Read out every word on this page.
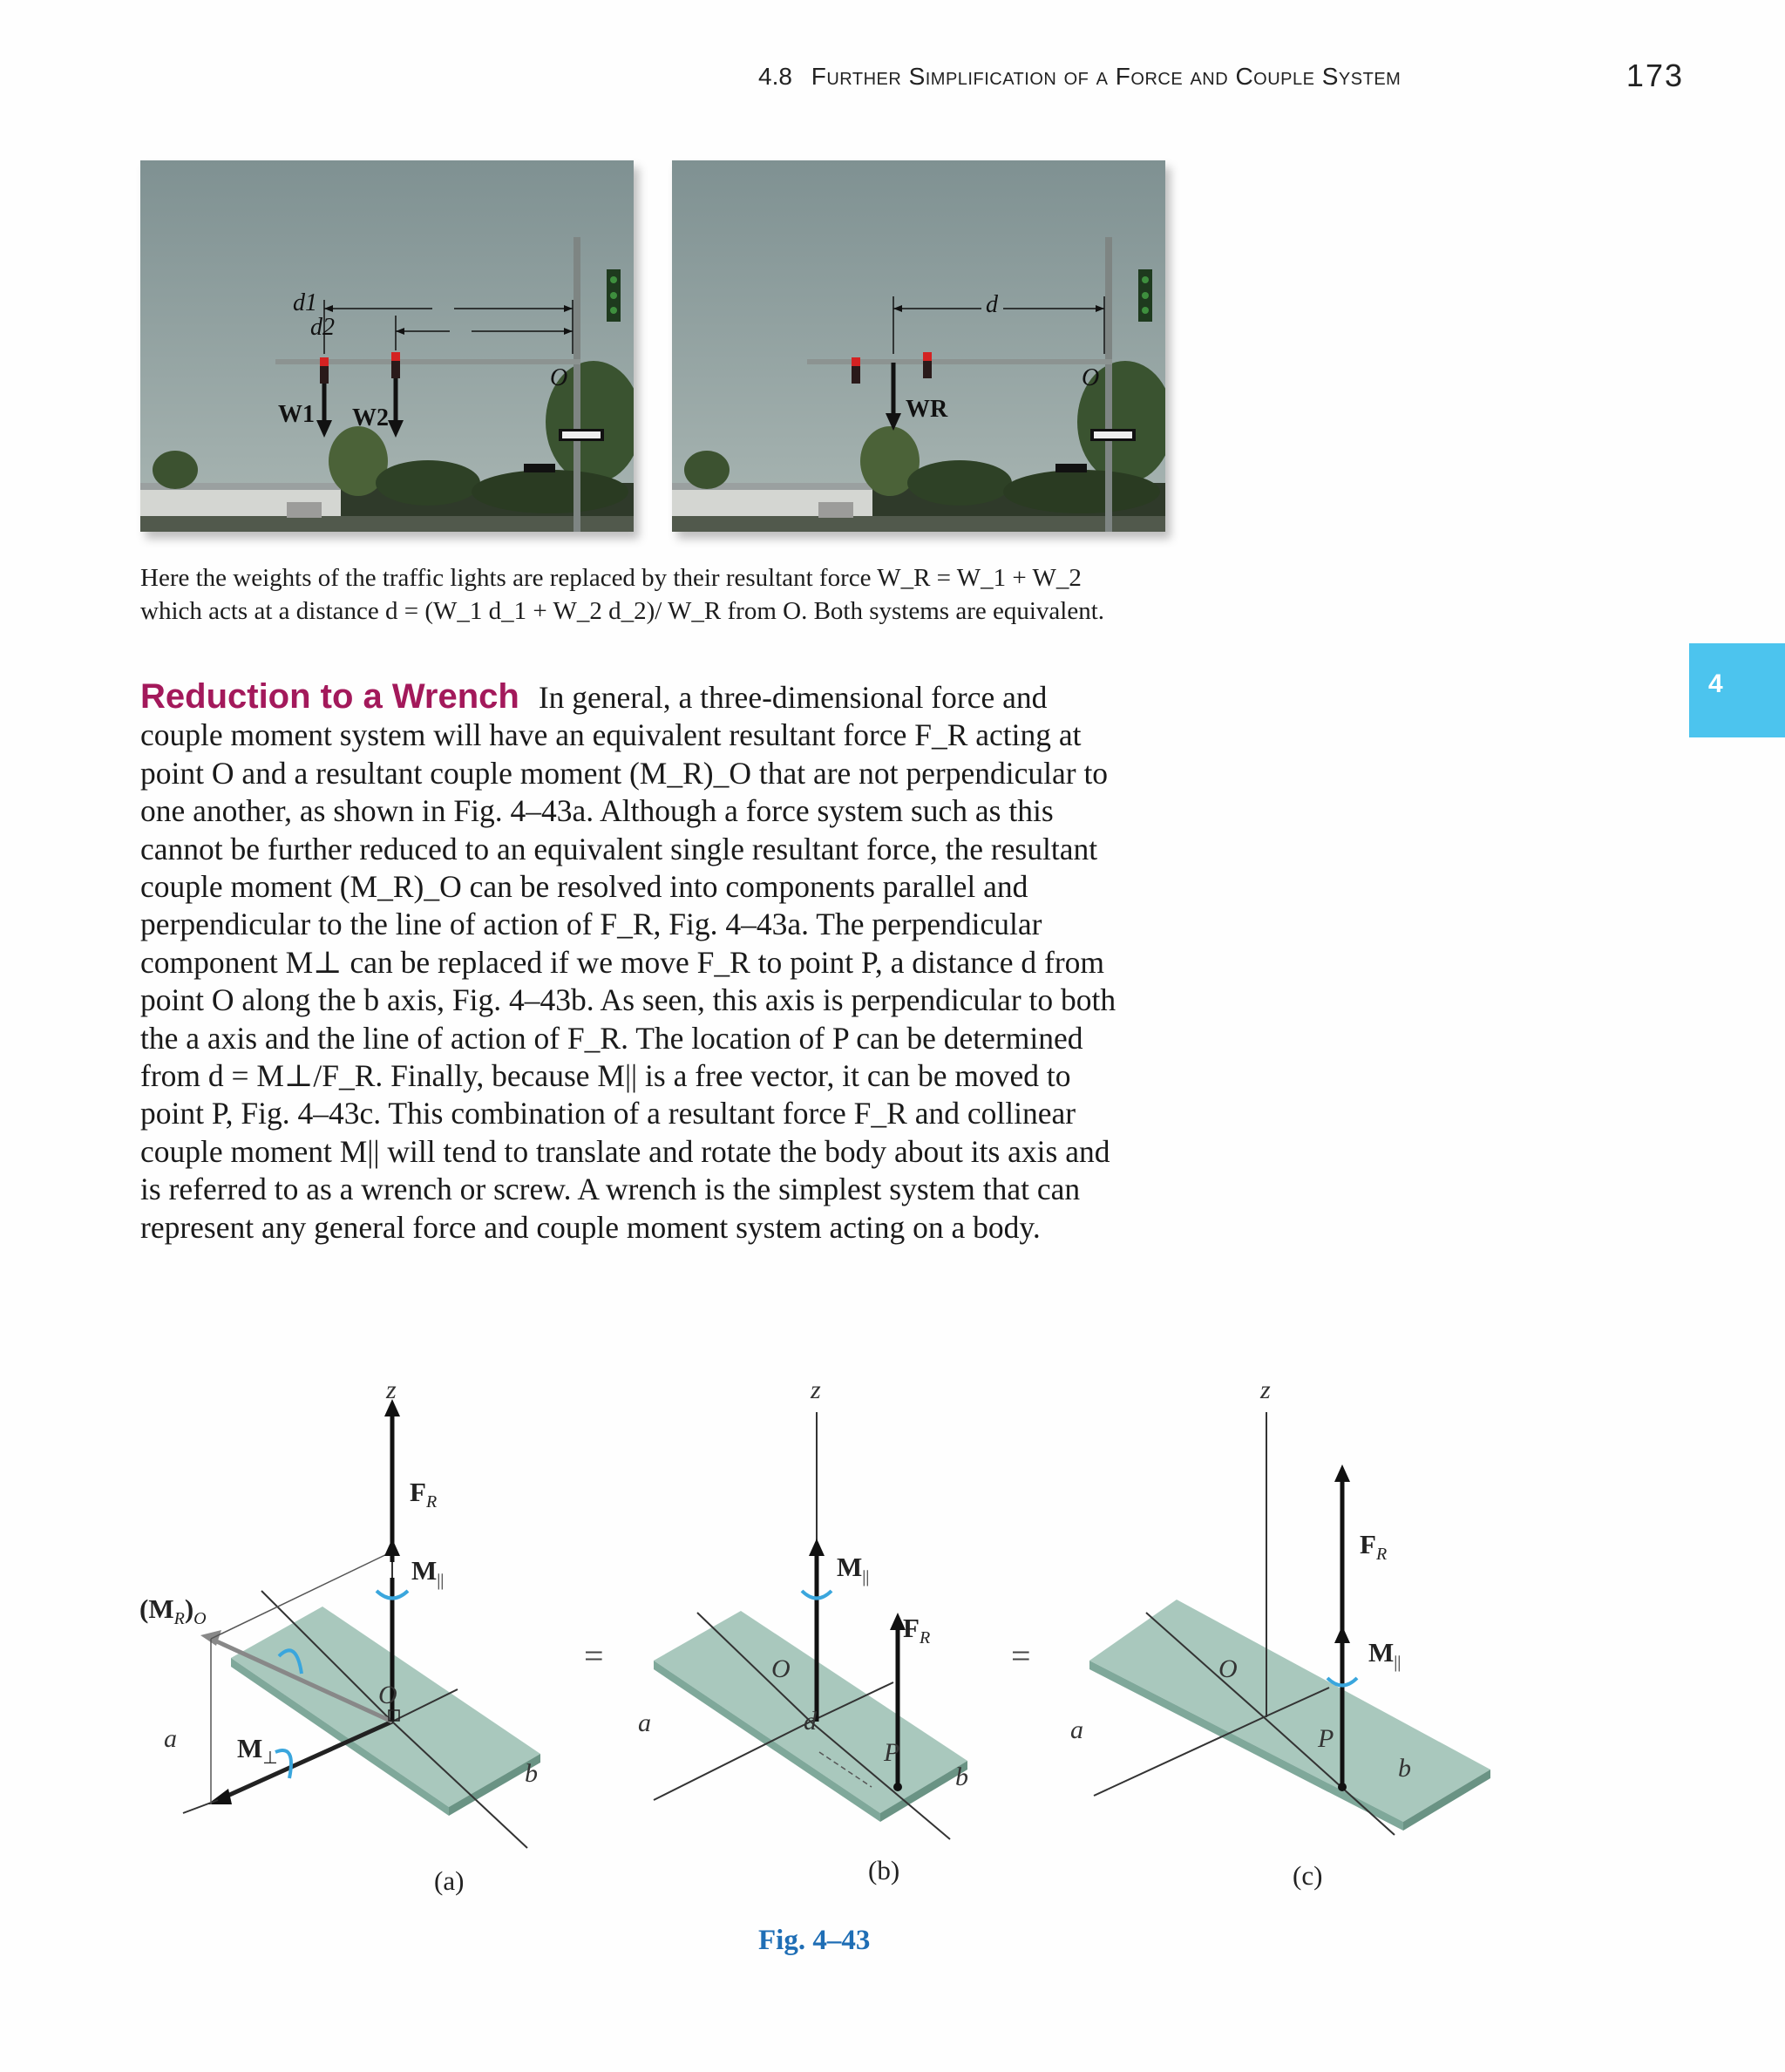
4.8 Further Simplification of a Force and Couple System	173
4
d1
d2
O
W1 W2
d
O
WR
Here the weights of the traffic lights are replaced by their resultant force W_R = W_1 + W_2
which acts at a distance d = (W_1 d_1 + W_2 d_2)/ W_R from O. Both systems are equivalent.
Reduction to a Wrench In general, a three-dimensional force and couple moment system will have an equivalent resultant force F_R acting at point O and a resultant couple moment (M_R)_O that are not perpendicular to one another, as shown in Fig. 4–43a. Although a force system such as this cannot be further reduced to an equivalent single resultant force, the resultant couple moment (M_R)_O can be resolved into components parallel and perpendicular to the line of action of F_R, Fig. 4–43a. The perpendicular component M⊥ can be replaced if we move F_R to point P, a distance d from point O along the b axis, Fig. 4–43b. As seen, this axis is perpendicular to both the a axis and the line of action of F_R. The location of P can be determined from d = M⊥/F_R. Finally, because M|| is a free vector, it can be moved to point P, Fig. 4–43c. This combination of a resultant force F_R and collinear couple moment M|| will tend to translate and rotate the body about its axis and is referred to as a wrench or screw. A wrench is the simplest system that can represent any general force and couple moment system acting on a body.
z	z	z
$F_R$
$M_{||}$
$(M_R)_O$
O
a $M_\perp$
b
=	=
$M_{||}$
$F_R$
O
a	d
P
b
$F_R$
$M_{||}$
O
a	P
b
(a)	(b)	(c)
Fig. 4–43
